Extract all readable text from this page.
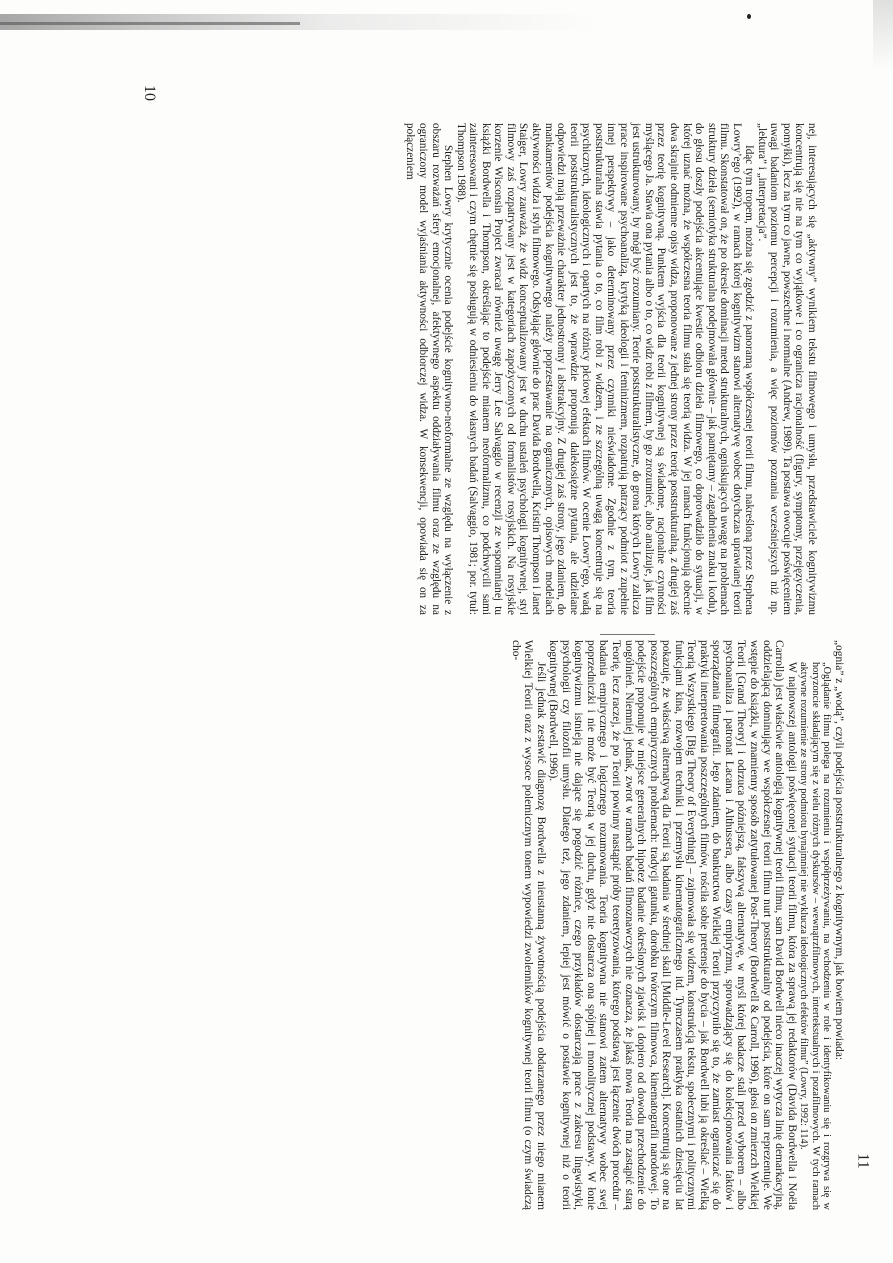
10
11

nej, interesujących się „aktywny” wynikiem tekstu filmowego i umysłu, przedstawiciele kognitywizmu koncentrują się nie na tym co wyjątkowe i co ogranicza racjonalność (figury, symptomy, przejęzyczenia, pomyłki), lecz na tym co jawne, powszechne i normalne (Andrew, 1989). Ta postawa owocuje poświęceniem uwagi badaniom poziomu percepcji i rozumienia, a więc poziomów poznania wcześniejszych niż np. „lektura” i „interpretacja”.

Idąc tym tropem, można się zgodzić z panoramą współczesnej teorii filmu, nakreśloną przez Stephena Lowry’ego (1992), w ramach której kognitywizm stanowi alternatywę wobec dotychczas uprawianej teorii filmu. Skonstatował on, że po okresie dominacji metod strukturalnych, ogniskujących uwagę na problemach struktury dzieła (semiotyka strukturalna podejmowała głównie – jak pamiętamy – zagadnienia znaku i kodu), do głosu doszły podejścia akcentujące kwestie odbioru dzieła filmowego, co doprowadziło do sytuacji, w której uznać można, że współczesna teoria filmu stała się teorią widza. W jej ramach funkcjonują obecnie dwa skrajnie odmienne opisy widza, proponowane z jednej strony przez teorię poststrukturalną, z drugiej zaś przez teorię kognitywną. Punktem wyjścia dla teorii kognitywnej są świadome, racjonalne czynności myślącego Ja. Stawia ona pytania albo o to, co widz robi z filmem, by go zrozumieć, albo analizuje, jak film jest ustrukturowany, by mógł być zrozumiany. Teorie poststrukturalistyczne, do grona których Lowry zalicza prace inspirowane psychoanalizą, krytyką ideologii i feminizmem, rozpatrują patrzący podmiot z zupełnie innej perspektywy – jako determinowany przez czynniki nieświadome. Zgodnie z tym, teoria poststrukturalna stawia pytania o to, co film robi z widzem, i ze szczególną uwagą koncentruje się na psychicznych, ideologicznych i opartych na różnicy płciowej efektach filmów. W ocenie Lowry’ego, wadą teorii poststrukturalistycznych jest to, że wprawdzie proponują dalekosiężne pytania, ale udzielane odpowiedzi mają przeważnie charakter jednostronny i abstrakcyjny. Z drugiej zaś strony, jego zdaniem, do mankamentów podejścia kognitywnego należy poprzestawanie na ograniczonych, opisowych modelach aktywności widza i stylu filmowego. Odsyłając głównie do prac Davida Bordwella, Kristin Thompson i Janet Staiger, Lowry zauważa, że widz konceptualizowany jest w duchu ustaleń psychologii kognitywnej, styl filmowy zaś rozpatrywany jest w kategoriach zapożyczonych od formalistów rosyjskich. Na rosyjskie korzenie Wisconsin Project zwracał również uwagę Jerry Lee Salvaggio w recenzji ze wspomnianej tu książki Bordwella i Thompson, określając to podejście mianem neoformalizmu, co podchwycili sami zainteresowani i czym chętnie się posługują w odniesieniu do własnych badań (Salvaggio, 1981; por. tytuł: Thompson 1988).

Stephen Lowry krytycznie ocenia podejście kognitywno-neoformalne ze względu na wyłączenie z obszaru rozważań sfery emocjonalnej, afektywnego aspektu oddziaływania filmu oraz ze względu na ograniczony model wyjaśniania aktywności odbiorczej widza. W konsekwencji, opowiada się on za połączeniem

„ogniа” z „wodą”, czyli podejścia poststrukturalnego z kognitywnym, jak bowiem powiada:

„Oglądanie filmu polega na rozumieniu i współprzeżywaniu, na wchodzeniu w role i identyfikowaniu się i rozgrywa się w horyzoncie składającym się z wielu różnych dyskursów – wewnątrzfilmowych, intertekstualnych i pozafilmowych. W tych ramach aktywne rozumienie ze strony podmiotu bynajmniej nie wyklucza ideologicznych efektów filmu” (Lowry, 1992: 114).

W najnowszej antologii poświęconej sytuacji teorii filmu, która za sprawą jej redaktorów (Davida Bordwella i Noëla Carrolla) jest właściwie antologią kognitywnej teorii filmu, sam David Bordwell nieco inaczej wytycza linię demarkacyjną, oddzielającą dominujący we współczesnej teorii filmu nurt poststrukturalny od podejścia, które on sam reprezentuje. We wstępie do książki, w znamienny sposób zatytułowanej Post-Theory (Bordwell & Carroll, 1996), głosi on zmierzch Wielkiej Teorii [Grand Theory] i odrzuca późniejszą, fałszywą alternatywę, w myśl której badacze stali przed wyborem – albo psychoanaliza i patronat Lacana i Althussera, albo czasy empiryzmu, sprowadzający się do kolekcjonowania faktów i sporządzania filmografii. Jego zdaniem, do bankructwa Wielkiej Teorii przyczyniło się to, że zamiast ograniczać się do praktyki interpretowania poszczególnych filmów, rościła sobie pretensje do bycia – jak Bordwell lubi ją określać – Wielką Teorią Wszystkiego [Big Theory of Everything] – zajmowała się widzem, konstrukcją tekstu, społecznymi i politycznymi funkcjami kina, rozwojem techniki i przemysłu kinematograficznego itd. Tymczasem praktyka ostatnich dziesięciu lat pokazuje, że właściwą alternatywą dla Teorii są badania w średniej skali [Middle-Level Research]. Koncentrują się one na poszczególnych empirycznych problemach: tradycji gatunku, dorobku twórczym filmowca, kinematografii narodowej. To podejście proponuje w miejsce generalnych hipotez badanie określonych zjawisk i dopiero od dowodu przechodzenie do uogólnień. Niemniej jednak, zwrot w ramach badań filmoznawczych nie oznacza, że jakaś nowa Teoria ma zastąpić starą Teorię, lecz raczej, że po Teorii powinny nastąpić próby teoretyzowania, którego podstawą jest łączenie dwóch procedur – badania empirycznego i logicznego rozumowania. Teoria kognitywna nie stanowi zatem alternatywy wobec swej poprzedniczki i nie może być Teorią w jej duchu, gdyż nie dostarcza ona spójnej i monolitycznej podstawy. W łonie kognitywizmu istnieją nie dające się pogodzić różnice, czego przykładów dostarczają prace z zakresu lingwistyki, psychologii czy filozofii umysłu. Dlatego też, jego zdaniem, lepiej jest mówić o postawie kognitywnej niż o teorii kognitywnej (Bordwell, 1996).

Jeśli jednak zestawić diagnozę Bordwella z nieustanną żywotnością podejścia obdarzanego przez niego mianem Wielkiej Teorii oraz z wysoce polemicznym tonem wypowiedzi zwolenników kognitywnej teorii filmu (o czym świadczą cho-
